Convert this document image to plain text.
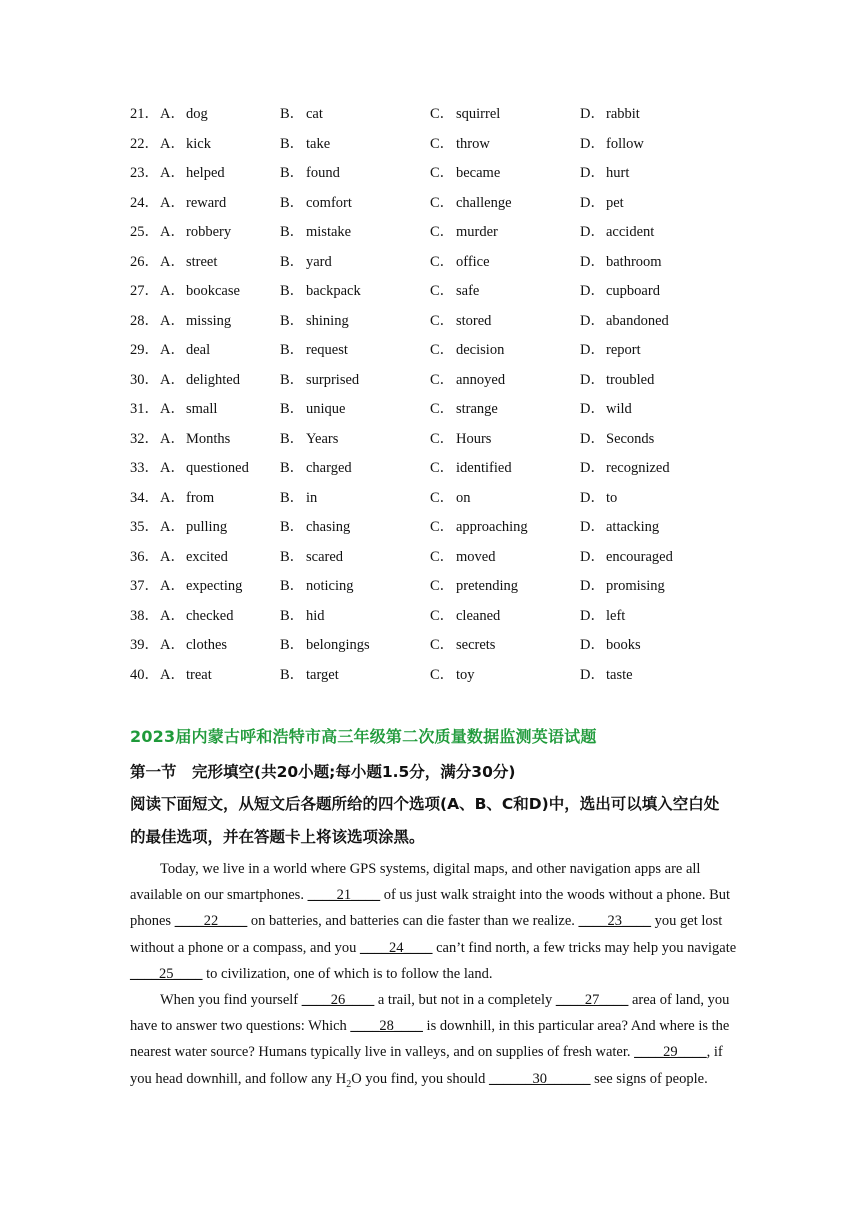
21． A．dog	B． cat	C． squirrel	D．rabbit
22． A．kick	B． take	C． throw	D．follow
23． A．helped	B． found	C． became	D．hurt
24． A．reward	B． comfort	C． challenge	D．pet
25． A．robbery	B． mistake	C． murder	D．accident
26． A．street	B． yard	C． office	D．bathroom
27． A．bookcase	B． backpack	C． safe	D．cupboard
28． A．missing	B． shining	C． stored	D．abandoned
29． A．deal	B． request	C． decision	D．report
30． A．delighted	B． surprised	C． annoyed	D．troubled
31． A．small	B． unique	C． strange	D．wild
32． A．Months	B． Years	C． Hours	D．Seconds
33． A．questioned B． charged	C． identified	D．recognized
34． A．from	B． in	C． on	D．to
35． A．pulling	B． chasing	C． approaching	D．attacking
36． A．excited	B． scared	C． moved	D．encouraged
37． A．expecting	B． noticing	C． pretending	D．promising
38． A．checked	B． hid	C． cleaned	D．left
39． A．clothes	B． belongings	C． secrets	D．books
40． A．treat	B． target	C． toy	D．taste
2023届内蒙古呼和浩特市高三年级第二次质量数据监测英语试题
第一节　完形填空(共20小题;每小题1.5分，满分30分)
阅读下面短文，从短文后各题所给的四个选项(A、B、C和D)中，选出可以填入空白处的最佳选项，并在答题卡上将该选项涂黑。

Today, we live in a world where GPS systems, digital maps, and other navigation apps are all available on our smartphones. ____21____ of us just walk straight into the woods without a phone. But phones ____22____ on batteries, and batteries can die faster than we realize. ____23____ you get lost without a phone or a compass, and you ____24____ can’t find north, a few tricks may help you navigate ____25____ to civilization, one of which is to follow the land.

When you find yourself ____26____ a trail, but not in a completely ____27____ area of land, you have to answer two questions: Which ____28____ is downhill, in this particular area? And where is the nearest water source? Humans typically live in valleys, and on supplies of fresh water. ____29____, if you head downhill, and follow any $H_2O$ you find, you should ______30______ see signs of people.
